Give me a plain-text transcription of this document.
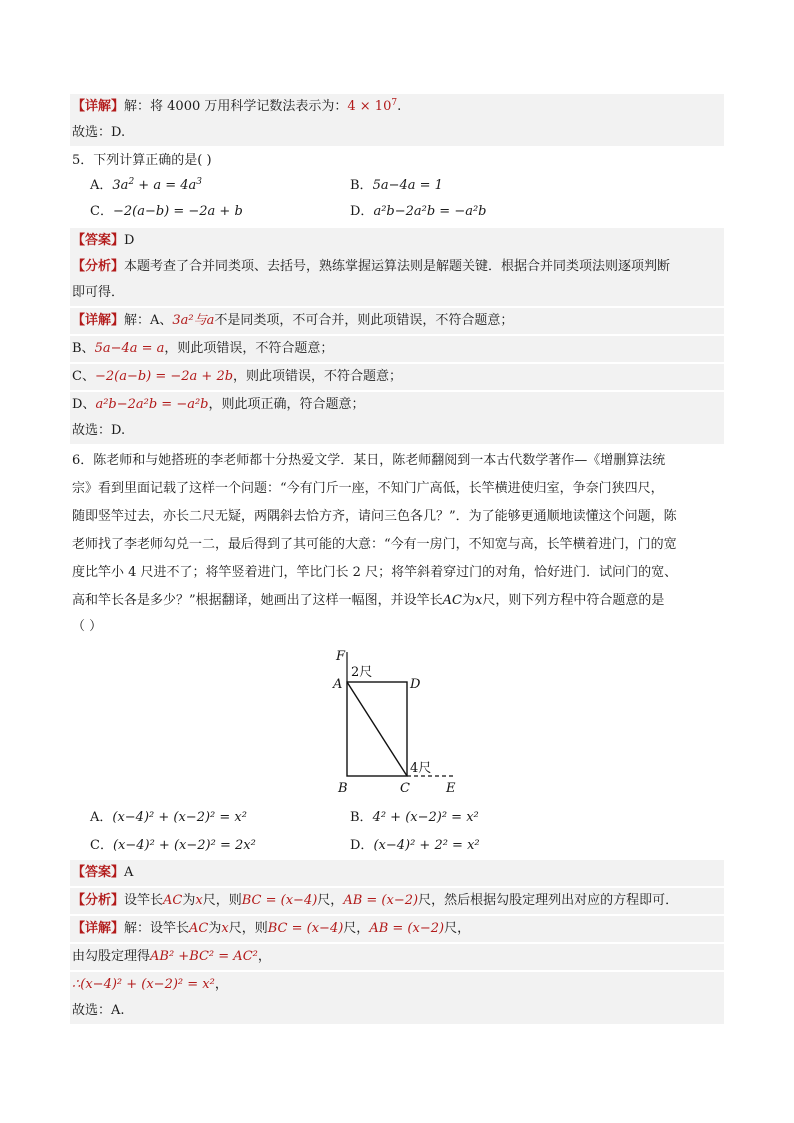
【详解】解：将 4000 万用科学记数法表示为：$4 \times 10^7$.
故选：D.
5．下列计算正确的是( )
A．$3a^2 + a = 4a^3$	B．5a−4a = 1
C．−2(a−b) = −2a + b	D．a²b−2a²b = −a²b
【答案】D
【分析】本题考查了合并同类项、去括号，熟练掌握运算法则是解题关键．根据合并同类项法则逐项判断
即可得．
【详解】解：A、3a²与a不是同类项，不可合并，则此项错误，不符合题意；
B、5a−4a = a，则此项错误，不符合题意；
C、−2(a−b) = −2a + 2b，则此项错误，不符合题意；
D、a²b−2a²b = −a²b，则此项正确，符合题意；
故选：D.
6．陈老师和与她搭班的李老师都十分热爱文学．某日，陈老师翻阅到一本古代数学著作—《增删算法统
宗》看到里面记载了这样一个问题：“今有门斤一座，不知门广高低，长竿横进使归室，争奈门狭四尺，
随即竖竿过去，亦长二尺无疑，两隅斜去恰方齐，请问三色各几？”．为了能够更通顺地读懂这个问题，陈
老师找了李老师勾兑一二，最后得到了其可能的大意：“今有一房门，不知宽与高，长竿横着进门，门的宽
度比竿小 4 尺进不了；将竿竖着进门，竿比门长 2 尺；将竿斜着穿过门的对角，恰好进门．试问门的宽、
高和竿长各是多少？”根据翻译，她画出了这样一幅图，并设竿长AC为x尺，则下列方程中符合题意的是
（ ）
F
2尺
A	D
4尺
B	C	E
A．(x−4)² + (x−2)² = x²	B．4² + (x−2)² = x²
C．(x−4)² + (x−2)² = 2x²	D．(x−4)² + 2² = x²
【答案】A
【分析】设竿长AC为x尺，则BC = (x−4)尺，AB = (x−2)尺，然后根据勾股定理列出对应的方程即可．
【详解】解：设竿长AC为x尺，则BC = (x−4)尺，AB = (x−2)尺，
由勾股定理得AB² +BC² = AC²，
∴(x−4)² + (x−2)² = x²，
故选：A.
